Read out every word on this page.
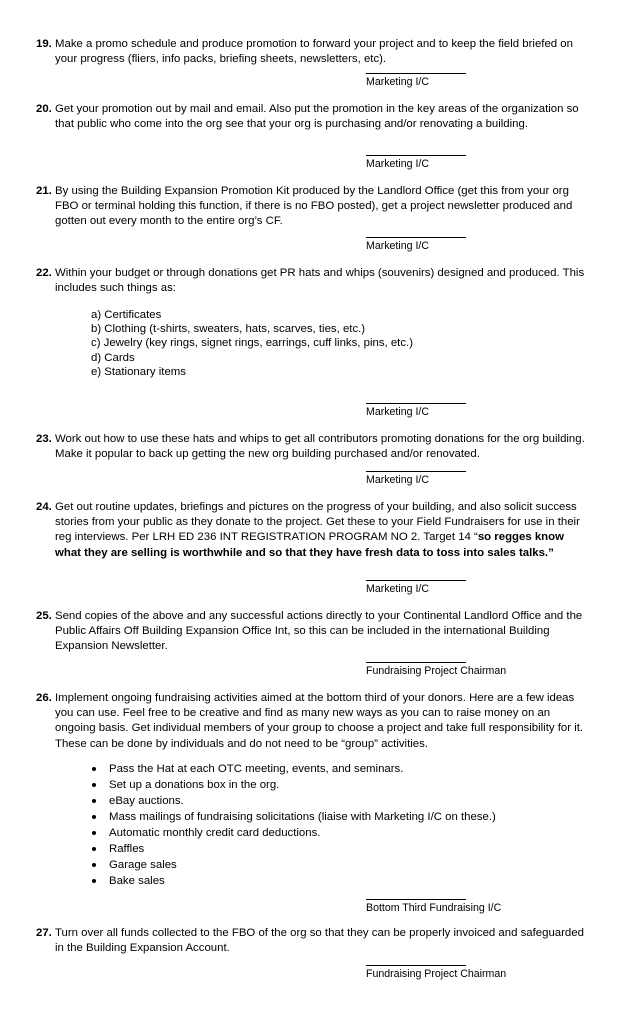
19. Make a promo schedule and produce promotion to forward your project and to keep the field briefed on your progress (fliers, info packs, briefing sheets, newsletters, etc).
Marketing I/C
20. Get your promotion out by mail and email. Also put the promotion in the key areas of the organization so that public who come into the org see that your org is purchasing and/or renovating a building.
Marketing I/C
21. By using the Building Expansion Promotion Kit produced by the Landlord Office (get this from your org FBO or terminal holding this function, if there is no FBO posted), get a project newsletter produced and gotten out every month to the entire org’s CF.
Marketing I/C
22. Within your budget or through donations get PR hats and whips (souvenirs) designed and produced. This includes such things as:
a) Certificates
b) Clothing (t-shirts, sweaters, hats, scarves, ties, etc.)
c) Jewelry (key rings, signet rings, earrings, cuff links, pins, etc.)
d) Cards
e) Stationary items
Marketing I/C
23. Work out how to use these hats and whips to get all contributors promoting donations for the org building. Make it popular to back up getting the new org building purchased and/or renovated.
Marketing I/C
24. Get out routine updates, briefings and pictures on the progress of your building, and also solicit success stories from your public as they donate to the project. Get these to your Field Fundraisers for use in their reg interviews. Per LRH ED 236 INT REGISTRATION PROGRAM NO 2. Target 14 “so regges know what they are selling is worthwhile and so that they have fresh data to toss into sales talks.”
Marketing I/C
25. Send copies of the above and any successful actions directly to your Continental Landlord Office and the Public Affairs Off Building Expansion Office Int, so this can be included in the international Building Expansion Newsletter.
Fundraising Project Chairman
26. Implement ongoing fundraising activities aimed at the bottom third of your donors. Here are a few ideas you can use. Feel free to be creative and find as many new ways as you can to raise money on an ongoing basis. Get individual members of your group to choose a project and take full responsibility for it. These can be done by individuals and do not need to be “group” activities.
Pass the Hat at each OTC meeting, events, and seminars.
Set up a donations box in the org.
eBay auctions.
Mass mailings of fundraising solicitations (liaise with Marketing I/C on these.)
Automatic monthly credit card deductions.
Raffles
Garage sales
Bake sales
Bottom Third Fundraising I/C
27. Turn over all funds collected to the FBO of the org so that they can be properly invoiced and safeguarded in the Building Expansion Account.
Fundraising Project Chairman
